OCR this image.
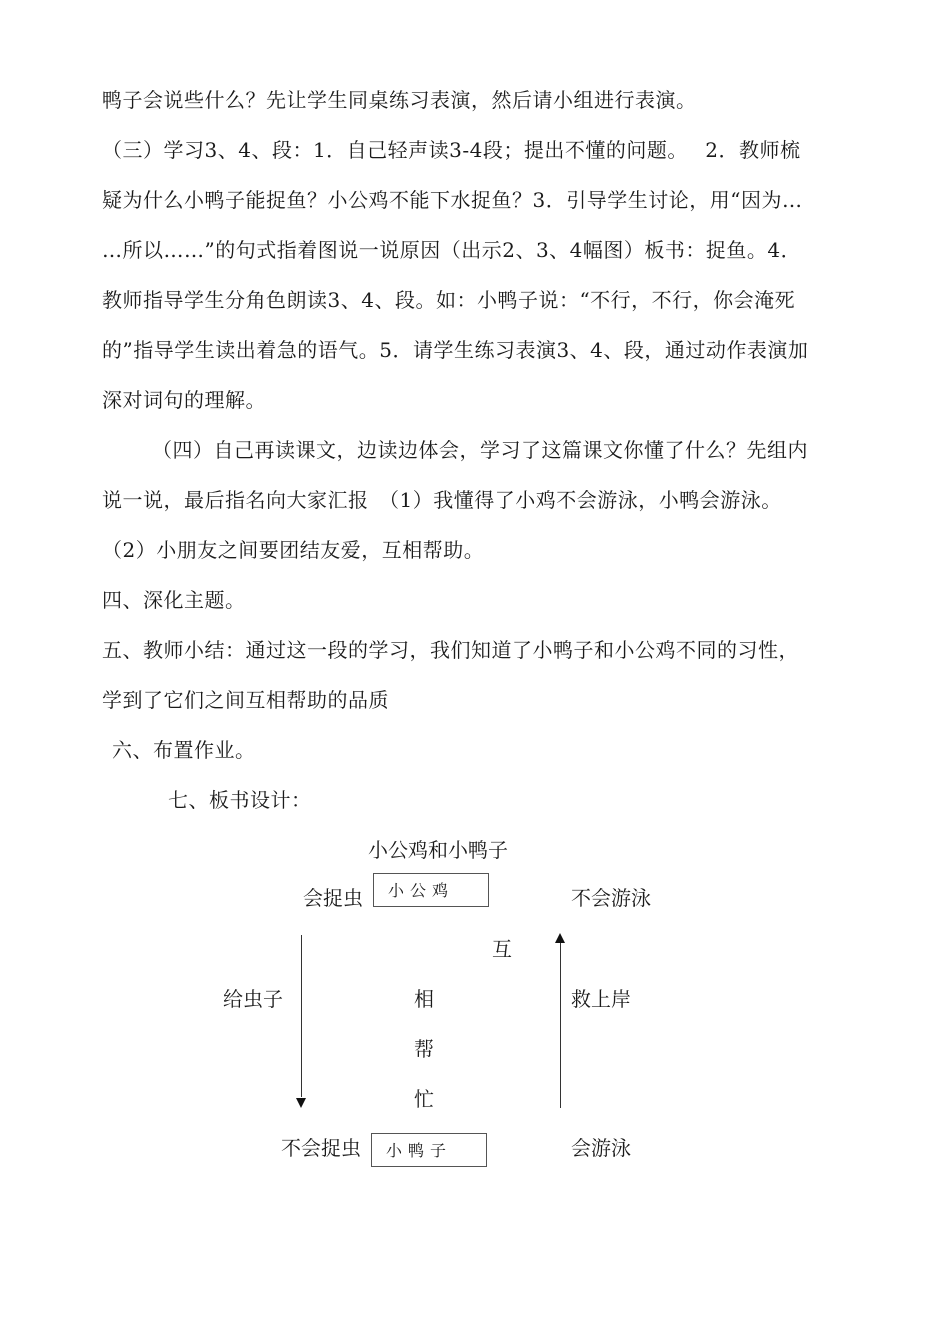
鸭子会说些什么？先让学生同桌练习表演，然后请小组进行表演。
（三）学习3、4、段：1．自己轻声读3-4段；提出不懂的问题。　 2．教师梳
疑为什么小鸭子能捉鱼？小公鸡不能下水捉鱼？3．引导学生讨论，用“因为…
…所以……”的句式指着图说一说原因（出示2、3、4幅图）板书：捉鱼。4．
教师指导学生分角色朗读3、4、段。如：小鸭子说：“不行，不行，你会淹死
的”指导学生读出着急的语气。5．请学生练习表演3、4、段，通过动作表演加
深对词句的理解。
（四）自己再读课文，边读边体会，学习了这篇课文你懂了什么？先组内
说一说，最后指名向大家汇报　（1）我懂得了小鸡不会游泳，小鸭会游泳。
（2）小朋友之间要团结友爱，互相帮助。
四、深化主题。
五、教师小结：通过这一段的学习，我们知道了小鸭子和小公鸡不同的习性，
学到了它们之间互相帮助的品质
六、布置作业。
七、板书设计：
小公鸡和小鸭子
会捉虫	小公鸡	不会游泳
互
相
帮
忙
给虫子	救上岸
不会捉虫	小鸭子	会游泳
